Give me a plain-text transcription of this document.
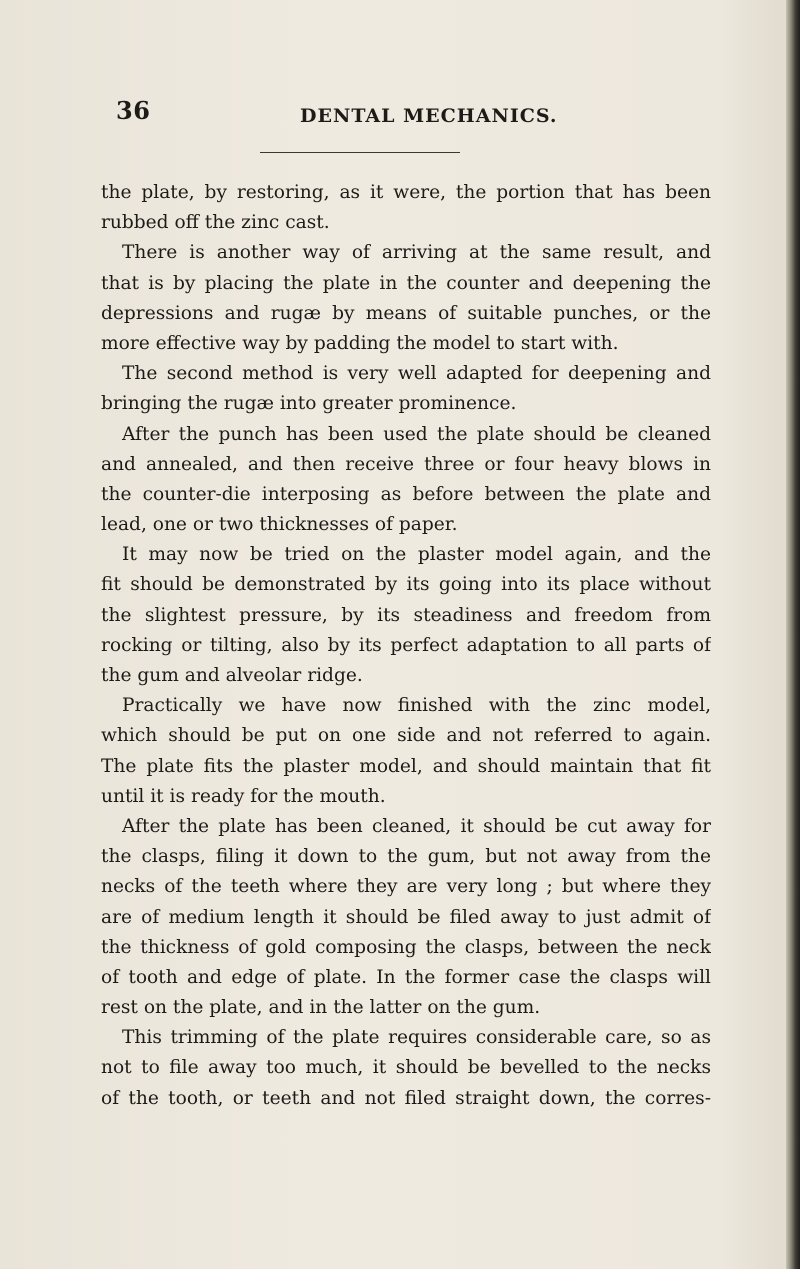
36	DENTAL MECHANICS.
the plate, by restoring, as it were, the portion that has been
rubbed off the zinc cast.
There is another way of arriving at the same result, and
that is by placing the plate in the counter and deepening the
depressions and rugæ by means of suitable punches, or the
more effective way by padding the model to start with.
The second method is very well adapted for deepening and
bringing the rugæ into greater prominence.
After the punch has been used the plate should be cleaned
and annealed, and then receive three or four heavy blows in
the counter-die interposing as before between the plate and
lead, one or two thicknesses of paper.
It may now be tried on the plaster model again, and the
fit should be demonstrated by its going into its place without
the slightest pressure, by its steadiness and freedom from
rocking or tilting, also by its perfect adaptation to all parts of
the gum and alveolar ridge.
Practically we have now finished with the zinc model,
which should be put on one side and not referred to again.
The plate fits the plaster model, and should maintain that fit
until it is ready for the mouth.
After the plate has been cleaned, it should be cut away for
the clasps, filing it down to the gum, but not away from the
necks of the teeth where they are very long ; but where they
are of medium length it should be filed away to just admit of
the thickness of gold composing the clasps, between the neck
of tooth and edge of plate. In the former case the clasps will
rest on the plate, and in the latter on the gum.
This trimming of the plate requires considerable care, so as
not to file away too much, it should be bevelled to the necks
of the tooth, or teeth and not filed straight down, the corres-
